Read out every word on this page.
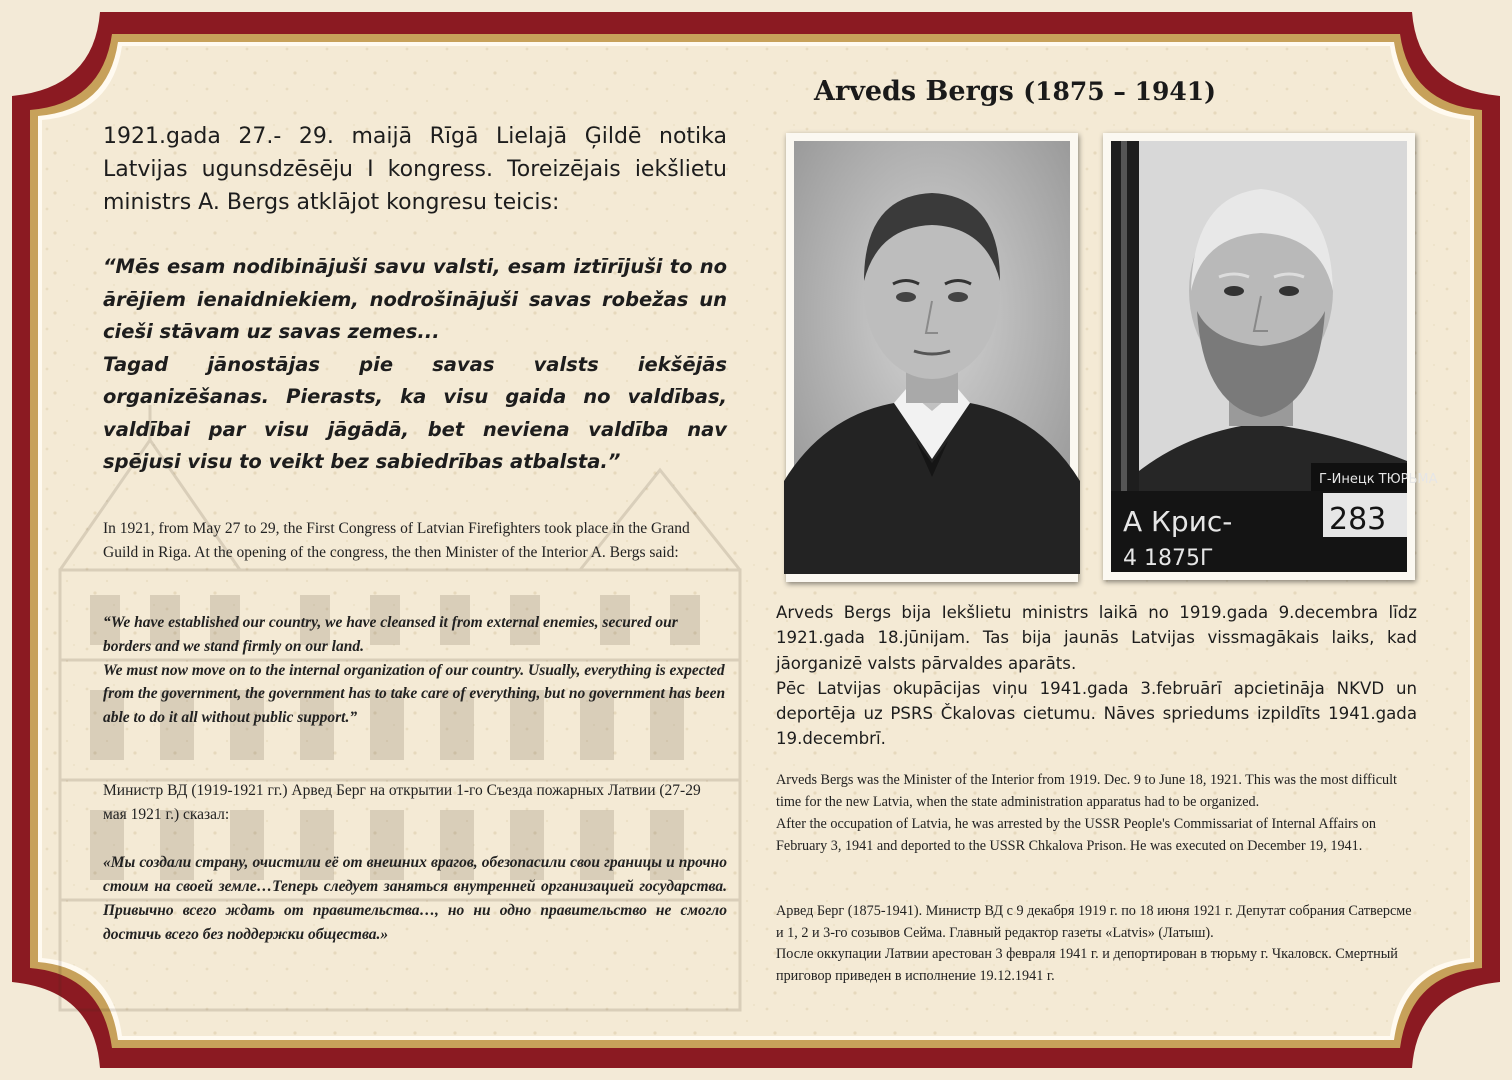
Arveds Bergs (1875 – 1941)

1921.gada 27.- 29. maijā Rīgā Lielajā Ģildē notika Latvijas ugunsdzēsēju I kongress. Toreizējais iekšlietu ministrs A. Bergs atklājot kongresu teicis:

“Mēs esam nodibinājuši savu valsti, esam iztīrījuši to no ārējiem ienaidniekiem, nodrošinājuši savas robežas un cieši stāvam uz savas zemes...
Tagad jānostājas pie savas valsts iekšējās organizēšanas. Pierasts, ka visu gaida no valdības, valdībai par visu jāgādā, bet neviena valdība nav spējusi visu to veikt bez sabiedrības atbalsta.”

In 1921, from May 27 to 29, the First Congress of Latvian Firefighters took place in the Grand Guild in Riga. At the opening of the congress, the then Minister of the Interior A. Bergs said:

“We have established our country, we have cleansed it from external enemies, secured our borders and we stand firmly on our land.
We must now move on to the internal organization of our country. Usually, everything is expected from the government, the government has to take care of everything, but no government has been able to do it all without public support.”

Министр ВД (1919-1921 гг.) Арвед Берг на открытии 1-го Съезда пожарных Латвии (27-29 мая 1921 г.) сказал:

«Мы создали страну, очистили её от внешних врагов, обезопасили свои границы и прочно стоим на своей земле…Теперь следует заняться внутренней организацией государства. Привычно всего ждать от правительства…, но ни одно правительство не смогло достичь всего без поддержки общества.»

Г-Инецк ТЮРЬМА
А Крис-	283
4 1875Г
Arveds Bergs bija Iekšlietu ministrs laikā no 1919.gada 9.decembra līdz 1921.gada 18.jūnijam. Tas bija jaunās Latvijas vissmagākais laiks, kad jāorganizē valsts pārvaldes aparāts.
Pēc Latvijas okupācijas viņu 1941.gada 3.februārī apcietināja NKVD un deportēja uz PSRS Čkalovas cietumu. Nāves spriedums izpildīts 1941.gada 19.decembrī.
Arveds Bergs was the Minister of the Interior from 1919. Dec. 9 to June 18, 1921. This was the most difficult time for the new Latvia, when the state administration apparatus had to be organized.
After the occupation of Latvia, he was arrested by the USSR People's Commissariat of Internal Affairs on February 3, 1941 and deported to the USSR Chkalova Prison. He was executed on December 19, 1941.
Арвед Берг (1875-1941). Министр ВД с 9 декабря 1919 г. по 18 июня 1921 г. Депутат собрания Сатверсме и 1, 2 и 3-го созывов Сейма. Главный редактор газеты «Latvis» (Латыш).
После оккупации Латвии арестован 3 февраля 1941 г. и депортирован в тюрьму г. Чкаловск. Смертный приговор приведен в исполнение 19.12.1941 г.
